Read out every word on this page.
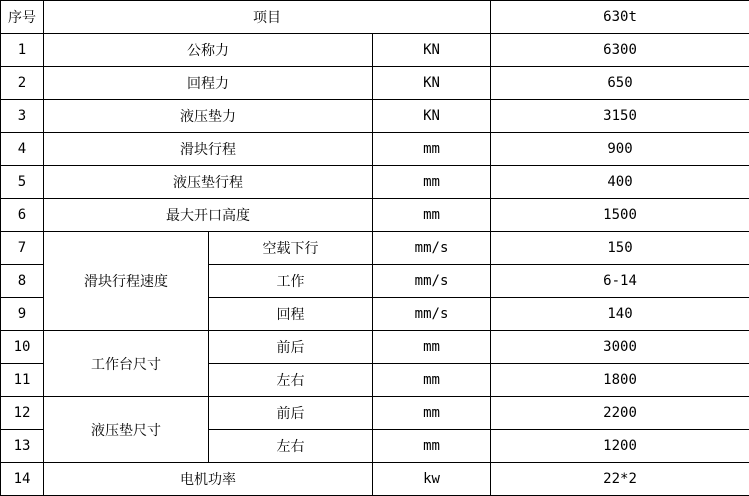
序号	项目			630t
1	公称力		KN	6300
2	回程力		KN	650
3	液压垫力		KN	3150
4	滑块行程		mm	900
5	液压垫行程		mm	400
6	最大开口高度		mm	1500
7	滑块行程速度	空载下行	mm/s	150
8		工作	mm/s	6-14
9		回程	mm/s	140
10	工作台尺寸	前后	mm	3000
11		左右	mm	1800
12	液压垫尺寸	前后	mm	2200
13		左右	mm	1200
14	电机功率		kw	22*2
